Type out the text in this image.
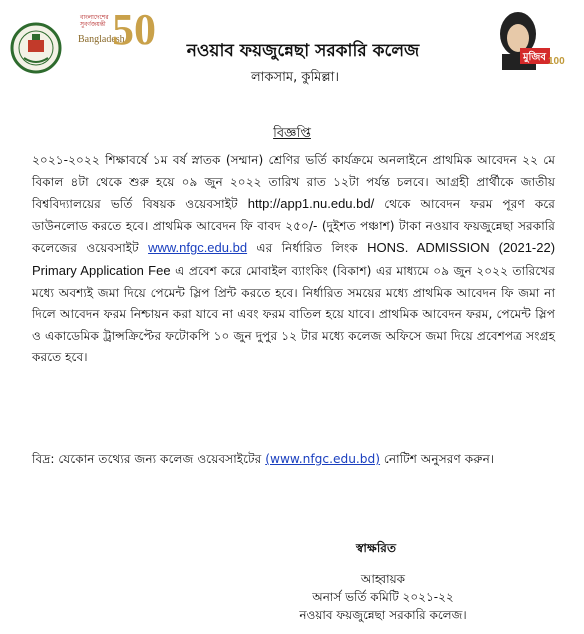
বাংলাদেশের
সুবর্ণজয়ন্তী
Bangladesh
50	নওয়াব ফয়জুন্নেছা সরকারি কলেজ
লাকসাম, কুমিল্লা।
মুজিব 100
বিজ্ঞপ্তি

২০২১-২০২২ শিক্ষাবর্ষে ১ম বর্ষ স্নাতক (সম্মান) শ্রেণির ভর্তি কার্যক্রমে অনলাইনে প্রাথমিক আবেদন ২২ মে বিকাল ৪টা থেকে শুরু হয়ে ০৯ জুন ২০২২ তারিখ রাত ১২টা পর্যন্ত চলবে। আগ্রহী প্রার্থীকে জাতীয় বিশ্ববিদ্যালয়ের ভর্তি বিষয়ক ওয়েবসাইট http://app1.nu.edu.bd/ থেকে আবেদন ফরম পূরণ করে ডাউনলোড করতে হবে। প্রাথমিক আবেদন ফি বাবদ ২৫০/- (দুইশত পঞ্চাশ) টাকা নওয়াব ফয়জুন্নেছা সরকারি কলেজের ওয়েবসাইট www.nfgc.edu.bd এর নির্ধারিত লিংক HONS. ADMISSION (2021-22) Primary Application Fee এ প্রবেশ করে মোবাইল ব্যাংকিং (বিকাশ) এর মাধ্যমে ০৯ জুন ২০২২ তারিখের মধ্যে অবশ্যই জমা দিয়ে পেমেন্ট স্লিপ প্রিন্ট করতে হবে। নির্ধারিত সময়ের মধ্যে প্রাথমিক আবেদন ফি জমা না দিলে আবেদন ফরম নিশ্চায়ন করা যাবে না এবং ফরম বাতিল হয়ে যাবে। প্রাথমিক আবেদন ফরম, পেমেন্ট স্লিপ ও একাডেমিক ট্রান্সক্রিপ্টের ফটোকপি ১০ জুন দুপুর ১২ টার মধ্যে কলেজ অফিসে জমা দিয়ে প্রবেশপত্র সংগ্রহ করতে হবে।

বিদ্র: যেকোন তথ্যের জন্য কলেজ ওয়েবসাইটের (www.nfgc.edu.bd) নোটিশ অনুসরণ করুন।

স্বাক্ষরিত
আহ্বায়ক
অনার্স ভর্তি কমিটি ২০২১-২২
নওয়াব ফয়জুন্নেছা সরকারি কলেজ।
